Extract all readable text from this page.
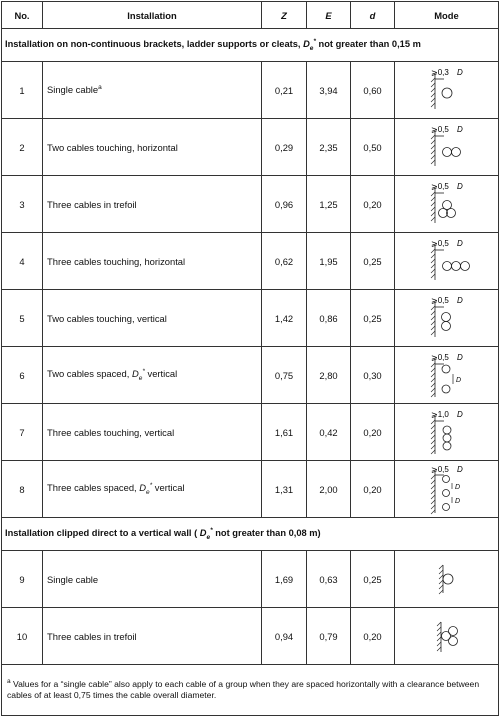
No.	Installation	Z	E	d	Mode
Installation on non-continuous brackets, ladder supports or cleats, $D_e^*$ not greater than 0,15 m					
1	Single cable$^a$	0,21	3,94	0,60	⩾0,3 D

2	Two cables touching, horizontal	0,29	2,35	0,50	⩾0,5 D

3	Three cables in trefoil	0,96	1,25	0,20	⩾0,5 D

4	Three cables touching, horizontal	0,62	1,95	0,25	⩾0,5 D

5	Two cables touching, vertical	1,42	0,86	0,25	⩾0,5 D

6	Two cables spaced, $D_e^*$ vertical	0,75	2,80	0,30	⩾0,5 D
D

7	Three cables touching, vertical	1,61	0,42	0,20	⩾1,0 D

8	Three cables spaced, $D_e^*$ vertical	1,31	2,00	0,20	⩾0,5 D
D
D

Installation clipped direct to a vertical wall ( $D_e^*$ not greater than 0,08 m)					
9	Single cable	1,69	0,63	0,25	

10	Three cables in trefoil	0,94	0,79	0,20	

$^a$ Values for a “single cable” also apply to each cable of a group when they are spaced horizontally with a clearance between cables of at least 0,75 times the cable overall diameter.					
